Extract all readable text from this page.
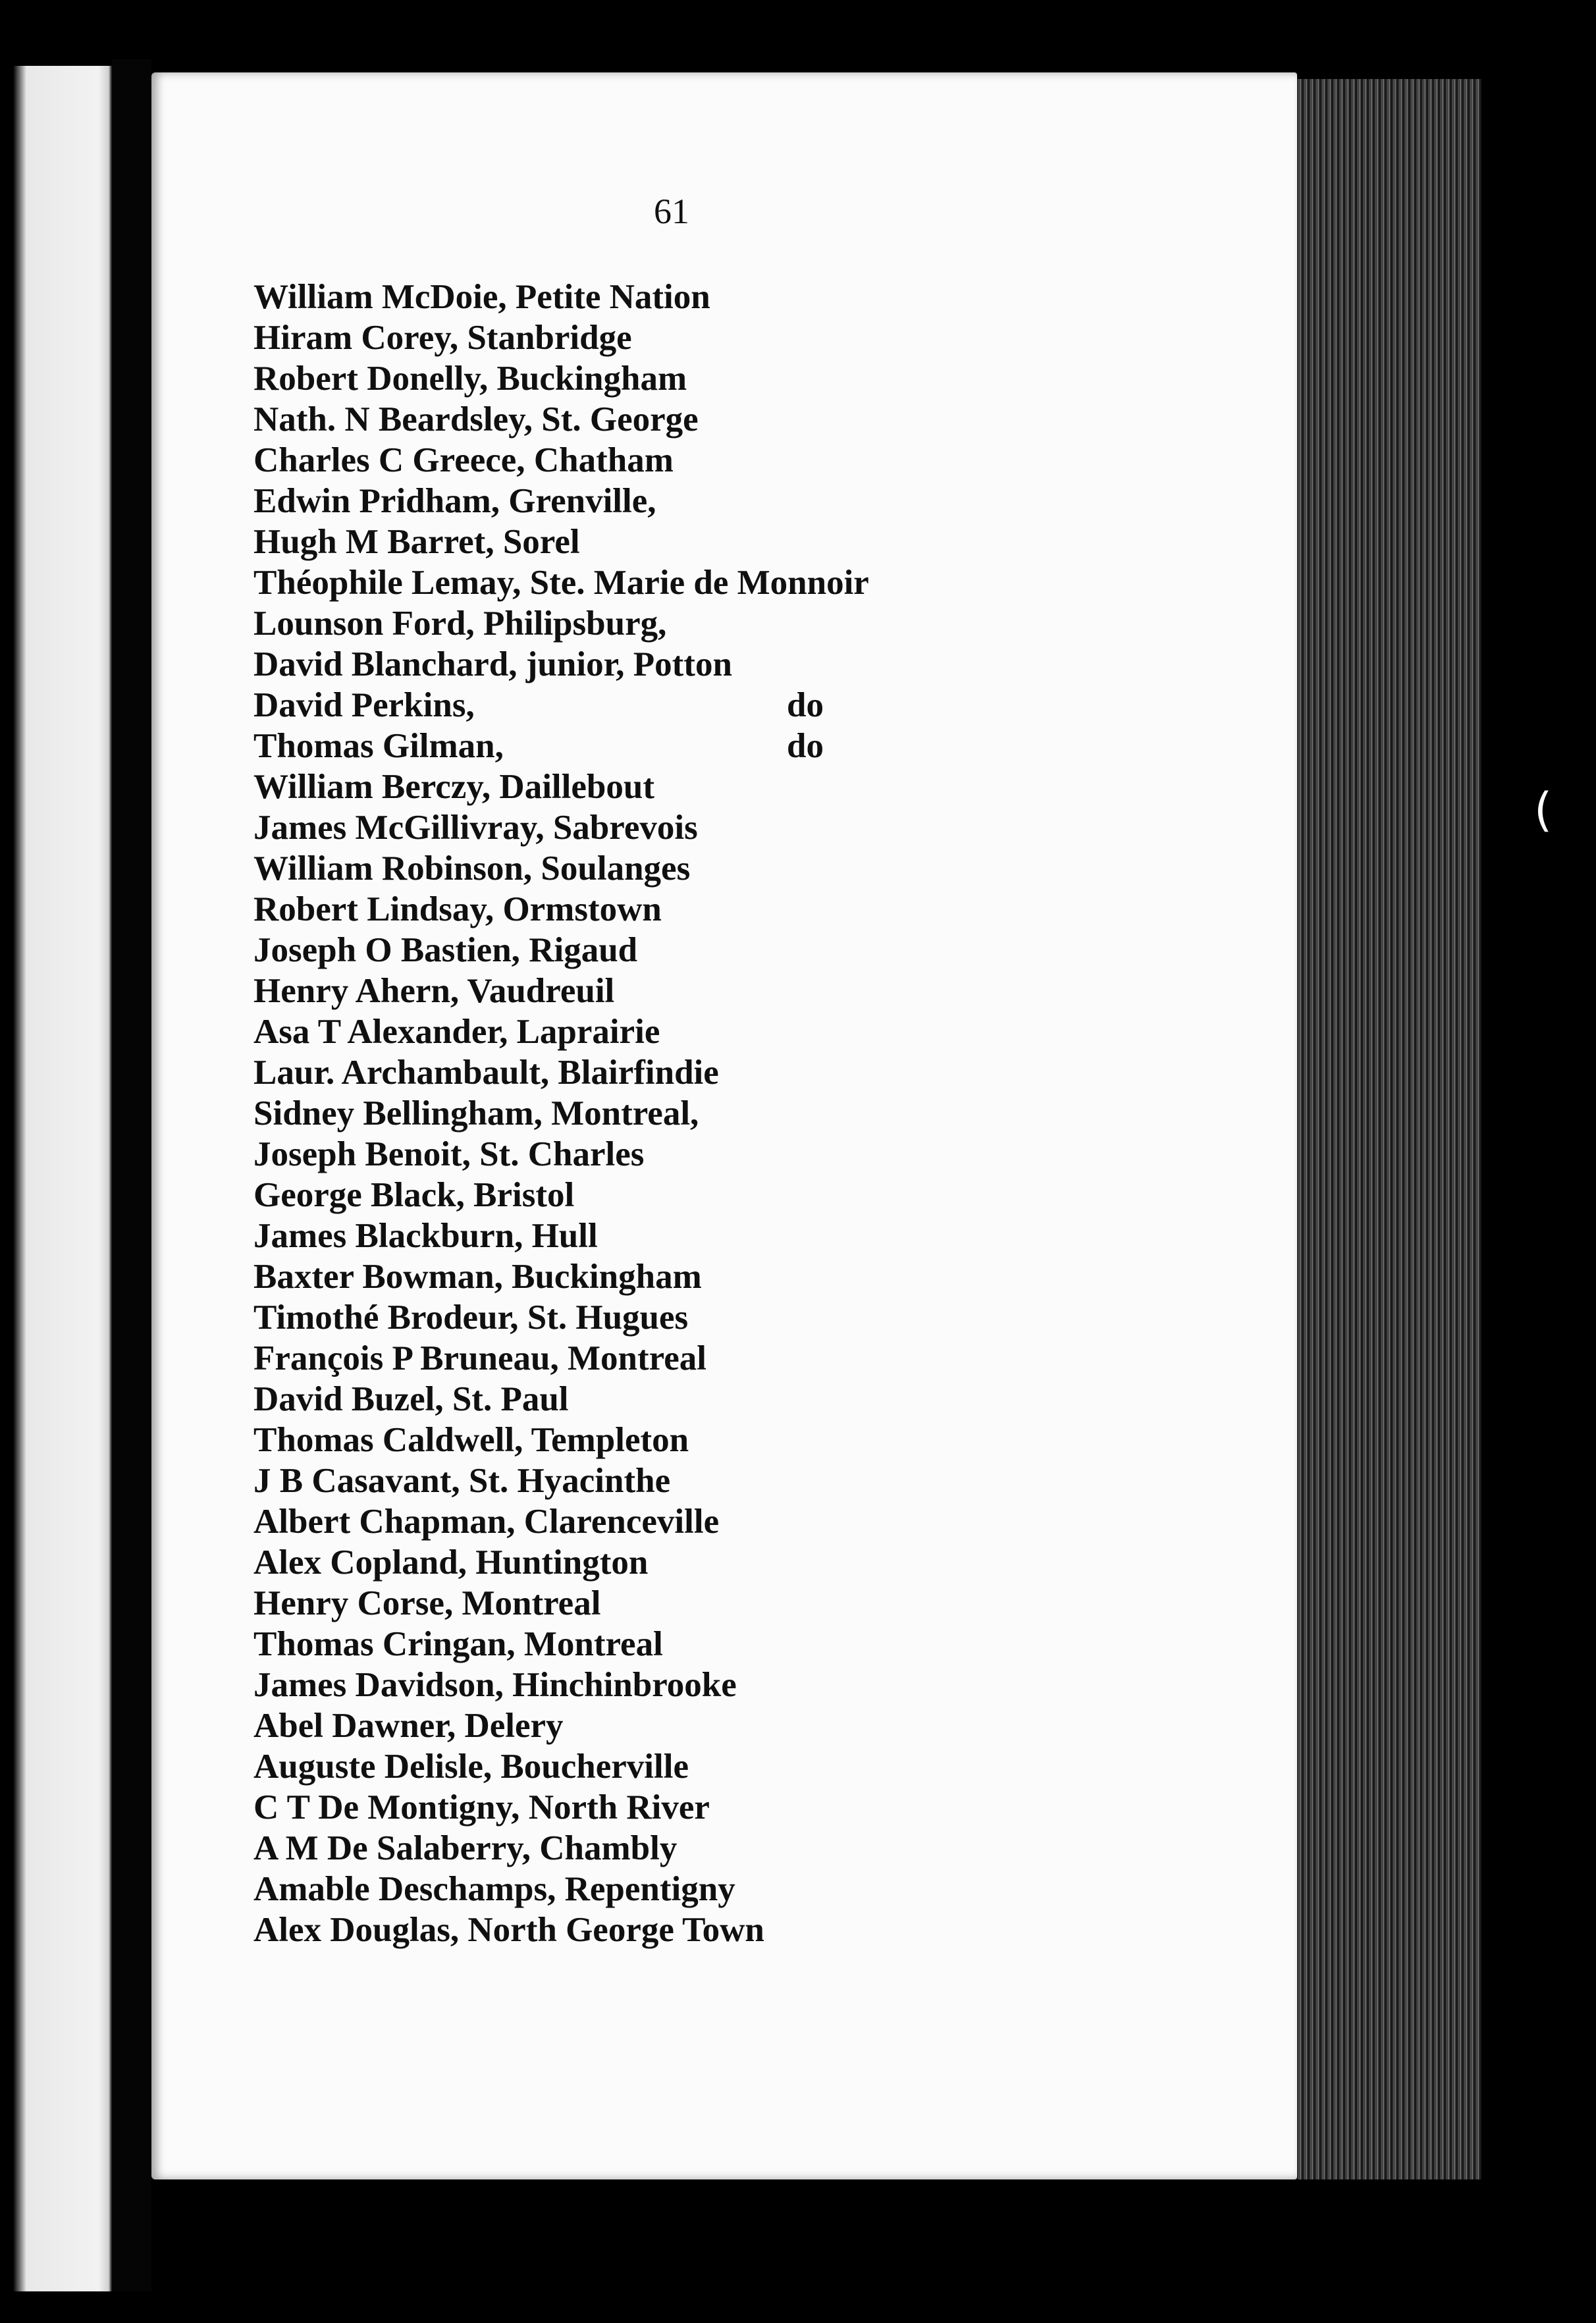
61

William McDoie, Petite Nation
Hiram Corey, Stanbridge
Robert Donelly, Buckingham
Nath. N Beardsley, St. George
Charles C Greece, Chatham
Edwin Pridham, Grenville,
Hugh M Barret, Sorel
Théophile Lemay, Ste. Marie de Monnoir
Lounson Ford, Philipsburg,
David Blanchard, junior, Potton
David Perkins,	do
Thomas Gilman,	do
William Berczy, Daillebout
James McGillivray, Sabrevois
William Robinson, Soulanges
Robert Lindsay, Ormstown
Joseph O Bastien, Rigaud
Henry Ahern, Vaudreuil
Asa T Alexander, Laprairie
Laur. Archambault, Blairfindie
Sidney Bellingham, Montreal,
Joseph Benoit, St. Charles
George Black, Bristol
James Blackburn, Hull
Baxter Bowman, Buckingham
Timothé Brodeur, St. Hugues
François P Bruneau, Montreal
David Buzel, St. Paul
Thomas Caldwell, Templeton
J B Casavant, St. Hyacinthe
Albert Chapman, Clarenceville
Alex Copland, Huntington
Henry Corse, Montreal
Thomas Cringan, Montreal
James Davidson, Hinchinbrooke
Abel Dawner, Delery
Auguste Delisle, Boucherville
C T De Montigny, North River
A M De Salaberry, Chambly
Amable Deschamps, Repentigny
Alex Douglas, North George Town
(
